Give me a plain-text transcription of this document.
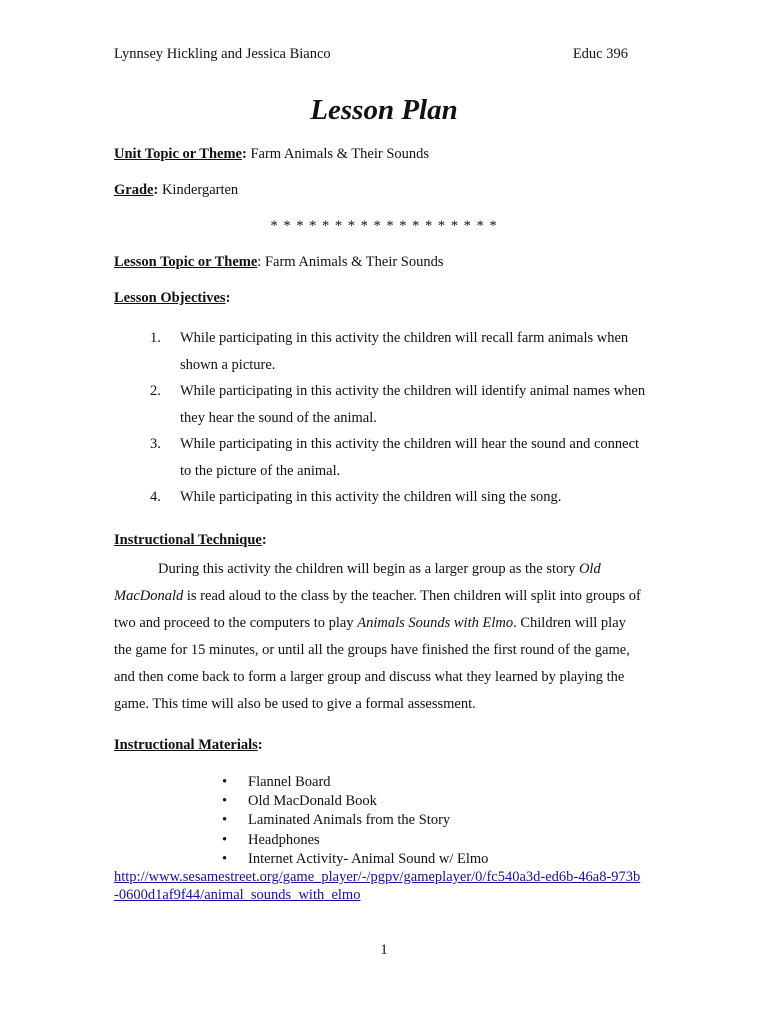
Lynnsey Hickling and Jessica Bianco	Educ 396
Lesson Plan
Unit Topic or Theme: Farm Animals & Their Sounds
Grade: Kindergarten
* * * * * * * * * * * * * * * * * *
Lesson Topic or Theme: Farm Animals & Their Sounds
Lesson Objectives:
1.	While participating in this activity the children will recall farm animals when shown a picture.
2.	While participating in this activity the children will identify animal names when they hear the sound of the animal.
3.	While participating in this activity the children will hear the sound and connect to the picture of the animal.
4.	While participating in this activity the children will sing the song.
Instructional Technique:

During this activity the children will begin as a larger group as the story Old MacDonald is read aloud to the class by the teacher. Then children will split into groups of two and proceed to the computers to play Animals Sounds with Elmo. Children will play the game for 15 minutes, or until all the groups have finished the first round of the game, and then come back to form a larger group and discuss what they learned by playing the game. This time will also be used to give a formal assessment.

Instructional Materials:
•	Flannel Board
•	Old MacDonald Book
•	Laminated Animals from the Story
•	Headphones
•	Internet Activity- Animal Sound w/ Elmo
http://www.sesamestreet.org/game_player/-/pgpv/gameplayer/0/fc540a3d-ed6b-46a8-973b-0600d1af9f44/animal_sounds_with_elmo
1
